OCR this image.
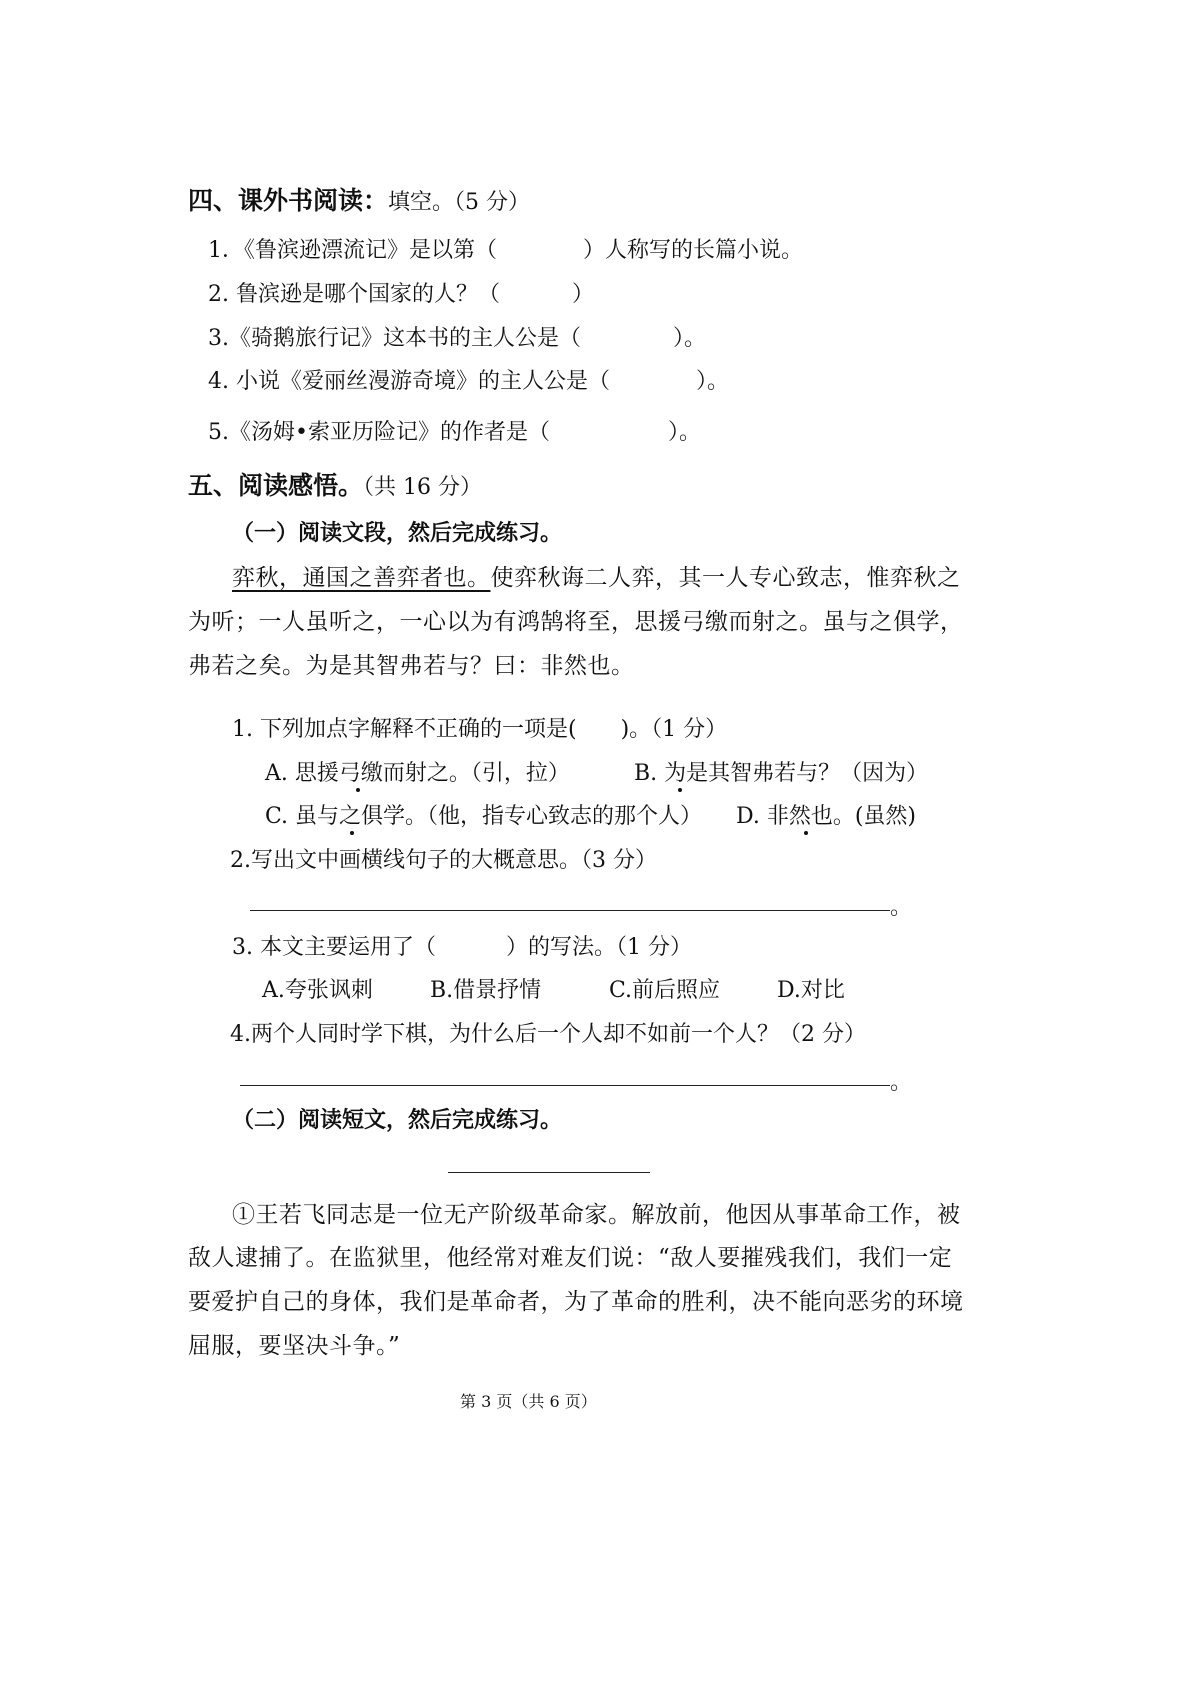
四、课外书阅读：填空。（5 分）
1．《鲁滨逊漂流记》是以第（	）人称写的长篇小说。
2. 鲁滨逊是哪个国家的人？（	）
3.《骑鹅旅行记》这本书的主人公是（	）。
4. 小说《爱丽丝漫游奇境》的主人公是（	）。
5.《汤姆•索亚历险记》的作者是（	）。
五、阅读感悟。（共 16 分）
（一）阅读文段，然后完成练习。
弈秋，通国之善弈者也。使弈秋诲二人弈，其一人专心致志，惟弈秋之
为听；一人虽听之，一心以为有鸿鹄将至，思援弓缴而射之。虽与之俱学，
弗若之矣。为是其智弗若与？曰：非然也。
1. 下列加点字解释不正确的一项是( )。（1 分）
A. 思援弓缴而射之。（引，拉）	B. 为是其智弗若与？（因为）
C. 虽与之俱学。（他，指专心致志的那个人） D. 非然也。(虽然)
2.写出文中画横线句子的大概意思。（3 分）
。
3. 本文主要运用了（	）的写法。（1 分）
A.夸张讽刺	B.借景抒情	C.前后照应	D.对比
4.两个人同时学下棋，为什么后一个人却不如前一个人？（2 分）
。
（二）阅读短文，然后完成练习。
①王若飞同志是一位无产阶级革命家。解放前，他因从事革命工作，被
敌人逮捕了。在监狱里，他经常对难友们说：“敌人要摧残我们，我们一定
要爱护自己的身体，我们是革命者，为了革命的胜利，决不能向恶劣的环境
屈服，要坚决斗争。”
第 3 页（共 6 页）
